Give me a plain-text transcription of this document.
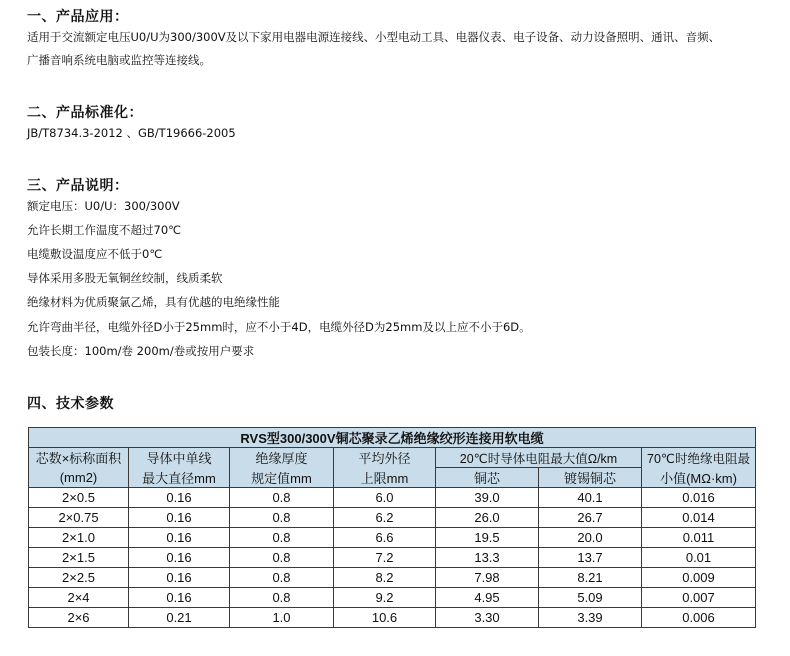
一、产品应用：
适用于交流额定电压U0/U为300/300V及以下家用电器电源连接线、小型电动工具、电器仪表、电子设备、动力设备照明、通讯、音频、
广播音响系统电脑或监控等连接线。
二、产品标准化：
JB/T8734.3-2012 、GB/T19666-2005
三、产品说明：
额定电压：U0/U：300/300V
允许长期工作温度不超过70℃
电缆敷设温度应不低于0℃
导体采用多股无氧铜丝绞制，线质柔软
绝缘材料为优质聚氯乙烯，具有优越的电绝缘性能
允许弯曲半径，电缆外径D小于25mm时，应不小于4D，电缆外径D为25mm及以上应不小于6D。
包装长度：100m/卷 200m/卷或按用户要求
四、技术参数
RVS型300/300V铜芯聚录乙烯绝缘绞形连接用软电缆						
芯数×标称面积	导体中单线	绝缘厚度	平均外径	20℃时导体电阻最大值Ω/km		70℃时绝缘电阻最
(mm2)	最大直径mm	规定值mm	上限mm	铜芯	镀锡铜芯	小值(MΩ·km)
2×0.5	0.16	0.8	6.0	39.0	40.1	0.016
2×0.75	0.16	0.8	6.2	26.0	26.7	0.014
2×1.0	0.16	0.8	6.6	19.5	20.0	0.011
2×1.5	0.16	0.8	7.2	13.3	13.7	0.01
2×2.5	0.16	0.8	8.2	7.98	8.21	0.009
2×4	0.16	0.8	9.2	4.95	5.09	0.007
2×6	0.21	1.0	10.6	3.30	3.39	0.006
